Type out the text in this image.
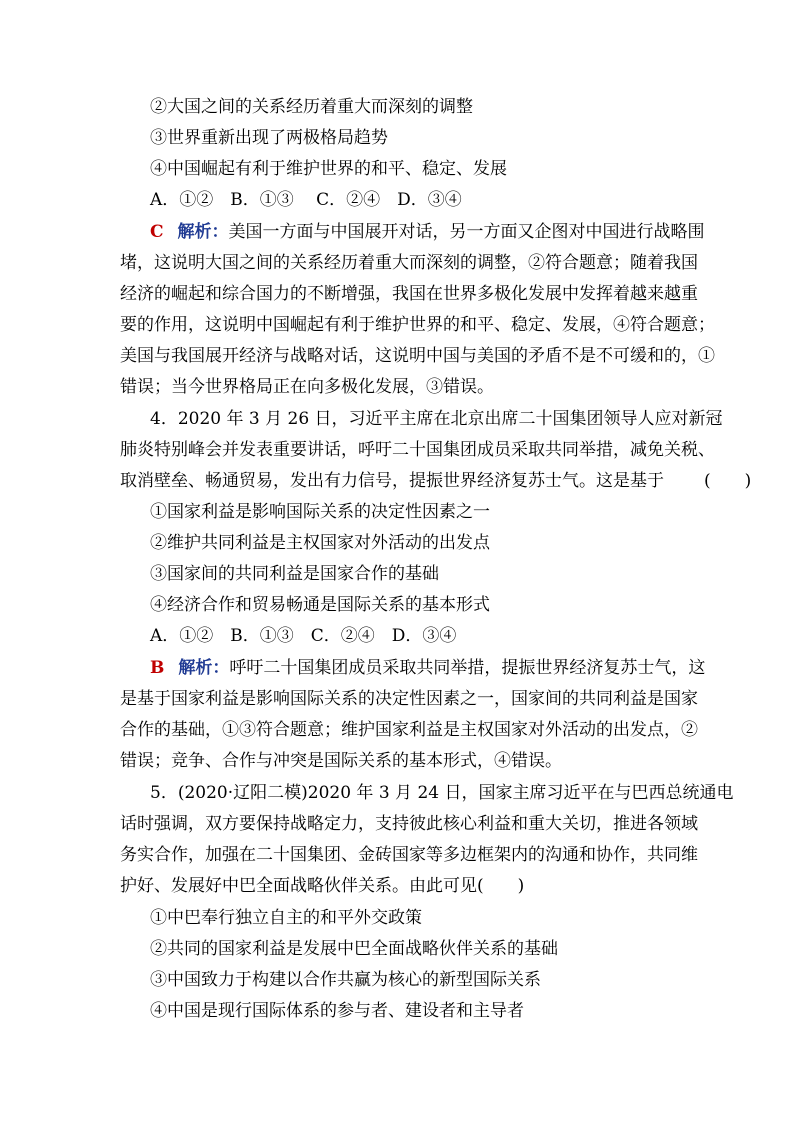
②大国之间的关系经历着重大而深刻的调整
③世界重新出现了两极格局趋势
④中国崛起有利于维护世界的和平、稳定、发展
A．①②　B．①③　 C．②④　D．③④
C 解析：美国一方面与中国展开对话，另一方面又企图对中国进行战略围
堵，这说明大国之间的关系经历着重大而深刻的调整，②符合题意；随着我国
经济的崛起和综合国力的不断增强，我国在世界多极化发展中发挥着越来越重
要的作用，这说明中国崛起有利于维护世界的和平、稳定、发展，④符合题意；
美国与我国展开经济与战略对话，这说明中国与美国的矛盾不是不可缓和的，①
错误；当今世界格局正在向多极化发展，③错误。
4．2020 年 3 月 26 日，习近平主席在北京出席二十国集团领导人应对新冠
肺炎特别峰会并发表重要讲话，呼吁二十国集团成员采取共同举措，减免关税、
取消壁垒、畅通贸易，发出有力信号，提振世界经济复苏士气。这是基于 (　　)
①国家利益是影响国际关系的决定性因素之一
②维护共同利益是主权国家对外活动的出发点
③国家间的共同利益是国家合作的基础
④经济合作和贸易畅通是国际关系的基本形式
A．①②　B．①③　C．②④　D．③④
B 解析：呼吁二十国集团成员采取共同举措，提振世界经济复苏士气，这
是基于国家利益是影响国际关系的决定性因素之一，国家间的共同利益是国家
合作的基础，①③符合题意；维护国家利益是主权国家对外活动的出发点，②
错误；竞争、合作与冲突是国际关系的基本形式，④错误。
5．(2020·辽阳二模)2020 年 3 月 24 日，国家主席习近平在与巴西总统通电
话时强调，双方要保持战略定力，支持彼此核心利益和重大关切，推进各领域
务实合作，加强在二十国集团、金砖国家等多边框架内的沟通和协作，共同维
护好、发展好中巴全面战略伙伴关系。由此可见(　　)
①中巴奉行独立自主的和平外交政策
②共同的国家利益是发展中巴全面战略伙伴关系的基础
③中国致力于构建以合作共赢为核心的新型国际关系
④中国是现行国际体系的参与者、建设者和主导者
